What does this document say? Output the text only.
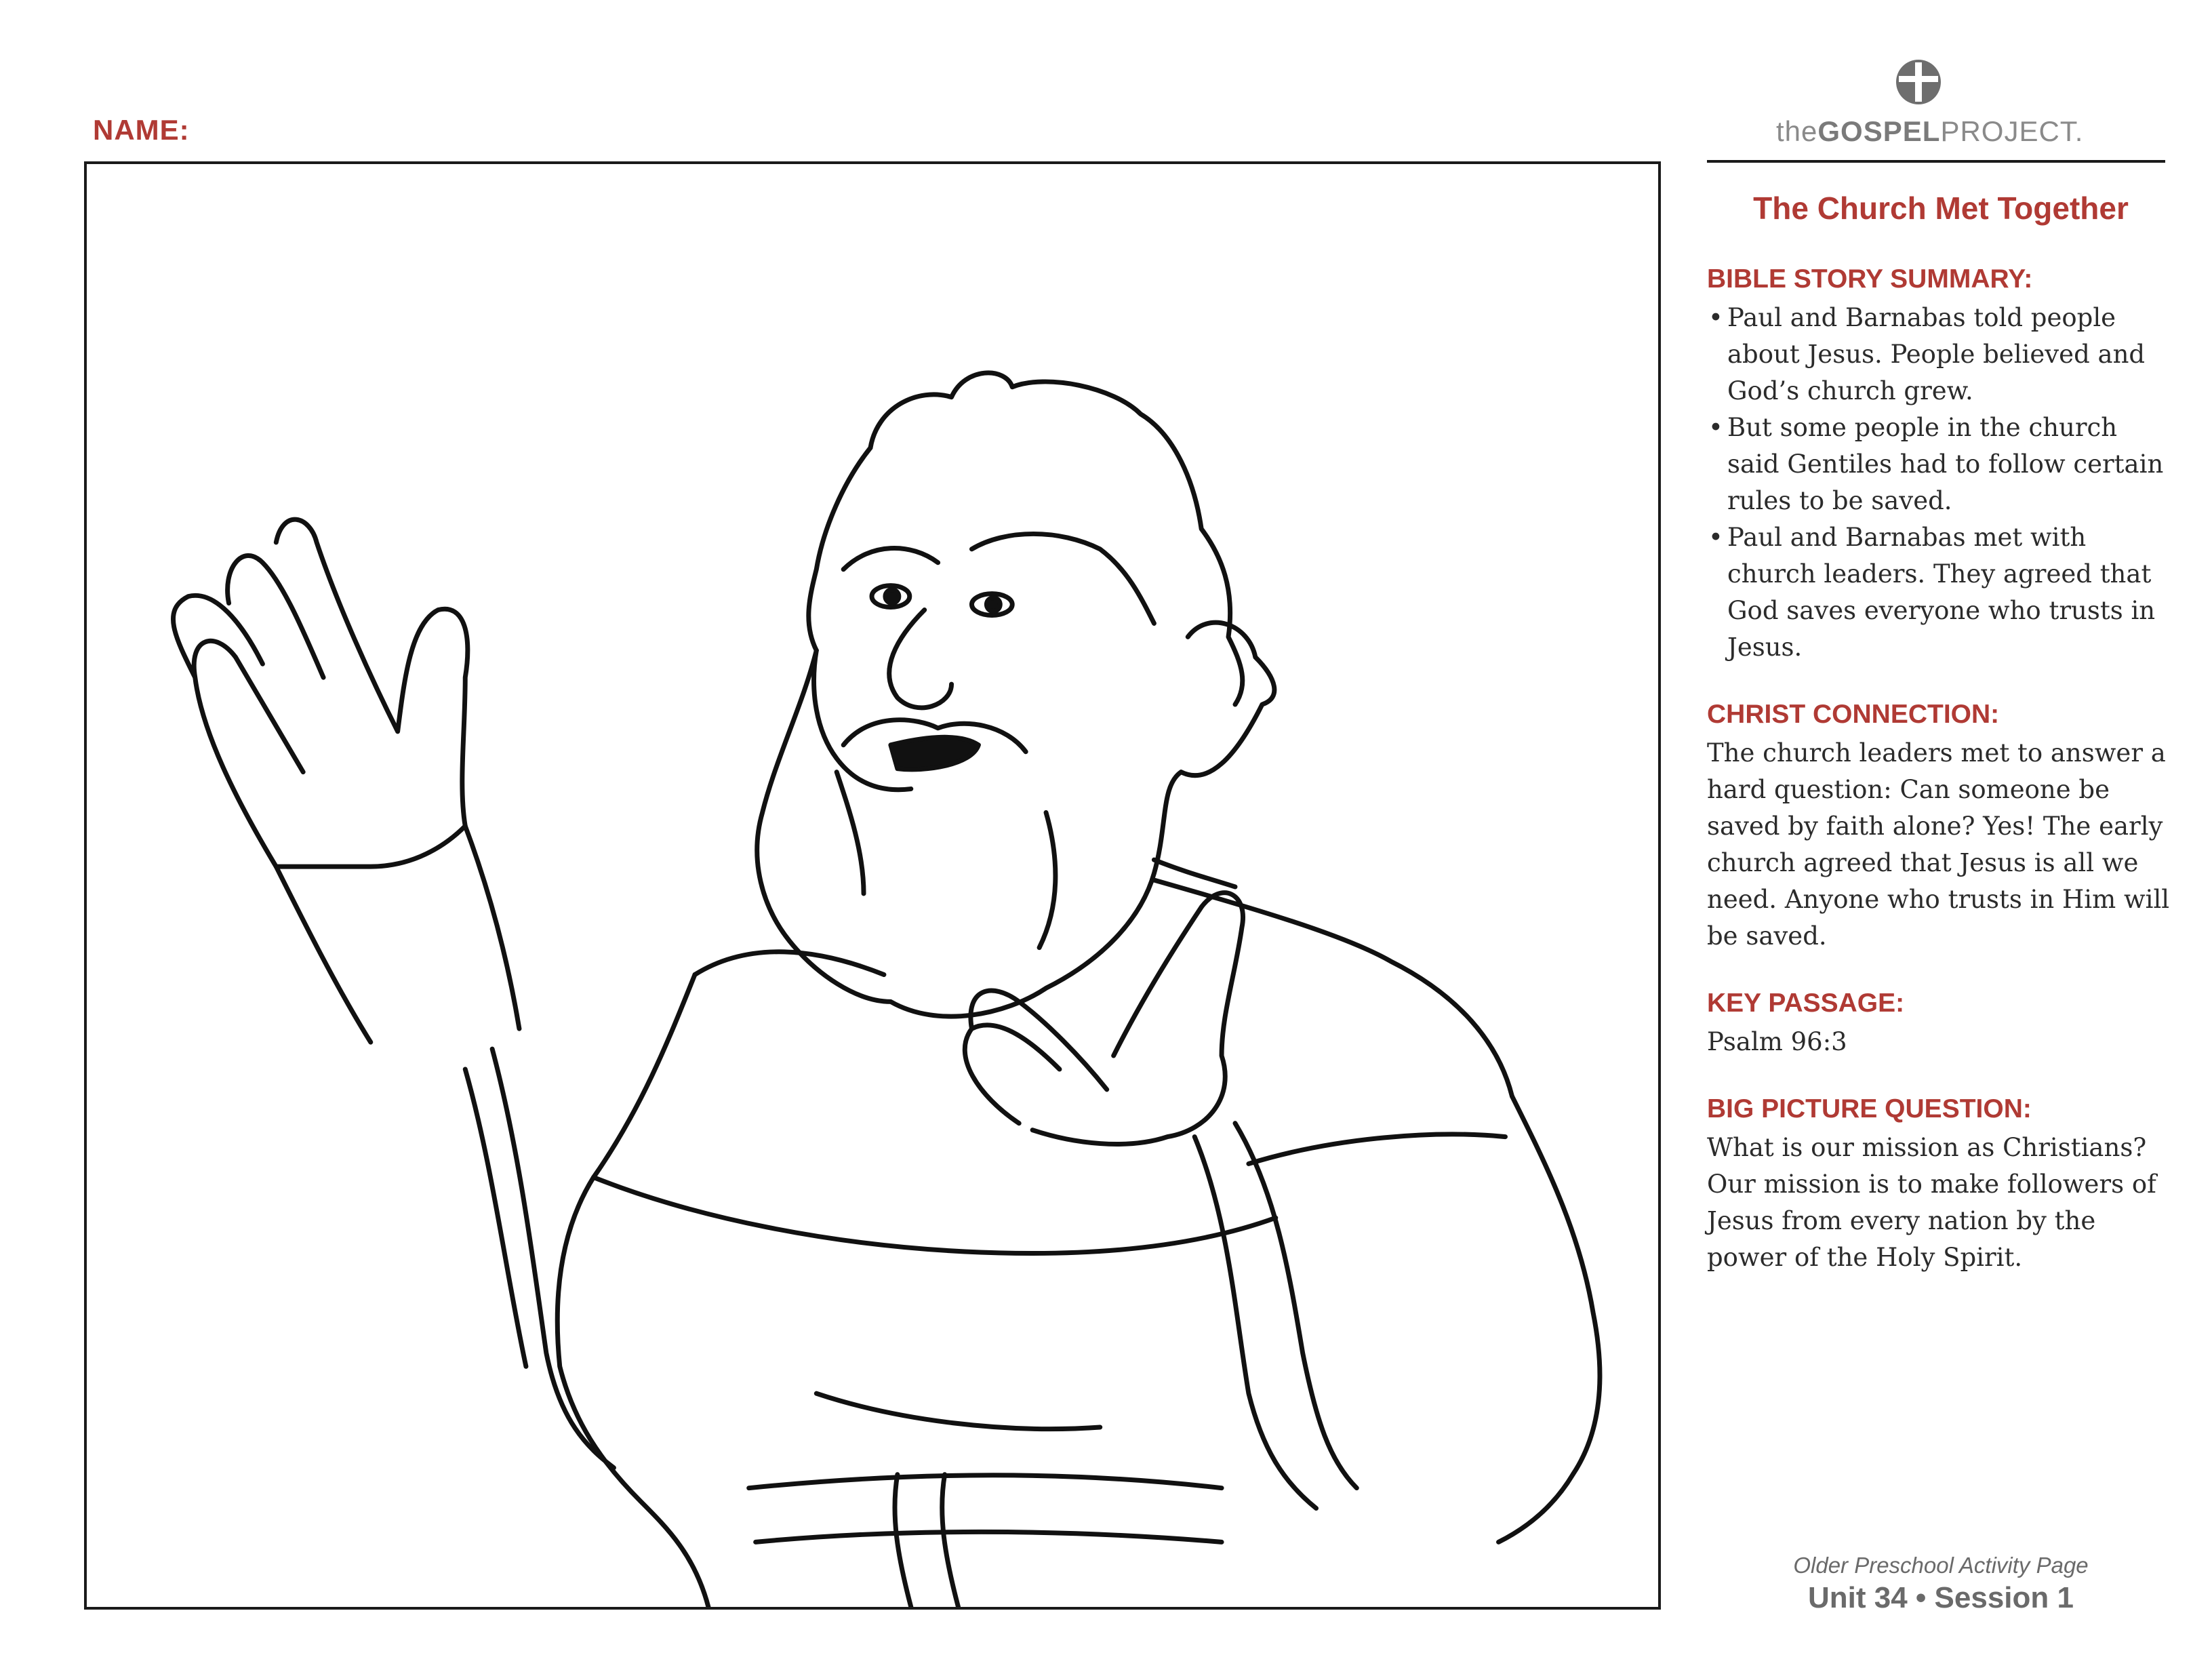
NAME:	theGOSPELPROJECT.
The Church Met Together
BIBLE STORY SUMMARY:
• Paul and Barnabas told people about Jesus. People believed and God’s church grew.
• But some people in the church said Gentiles had to follow certain rules to be saved.
• Paul and Barnabas met with church leaders. They agreed that God saves everyone who trusts in Jesus.
CHRIST CONNECTION:
The church leaders met to answer a hard question: Can someone be saved by faith alone? Yes! The early church agreed that Jesus is all we need. Anyone who trusts in Him will be saved.
KEY PASSAGE:
Psalm 96:3
BIG PICTURE QUESTION:
What is our mission as Christians? Our mission is to make followers of Jesus from every nation by the power of the Holy Spirit.
Older Preschool Activity Page
Unit 34 • Session 1
